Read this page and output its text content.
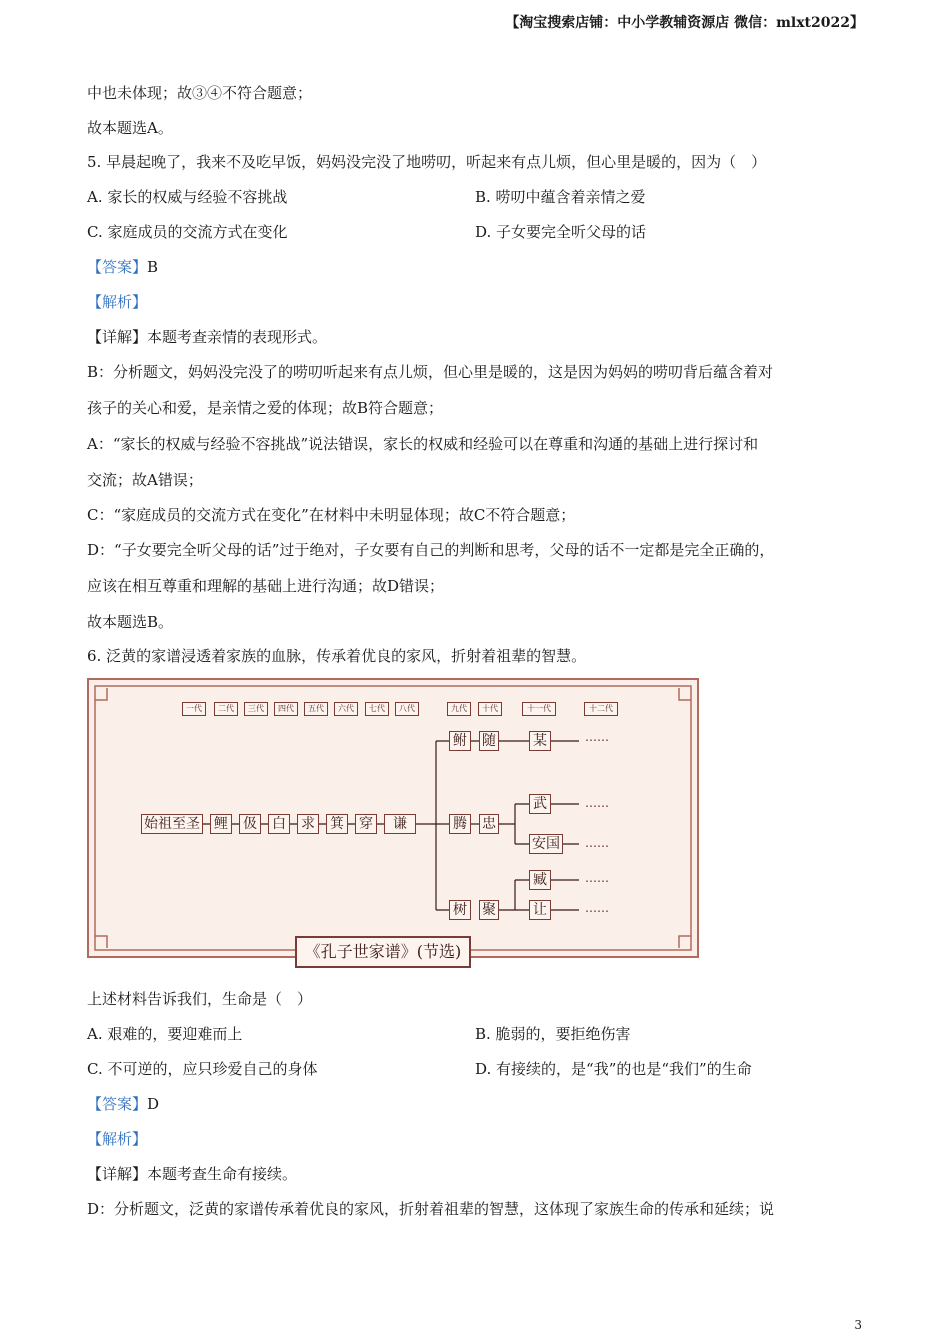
【淘宝搜索店铺：中小学教辅资源店 微信：mlxt2022】
中也未体现；故③④不符合题意；
故本题选A。
5. 早晨起晚了，我来不及吃早饭，妈妈没完没了地唠叨，听起来有点儿烦，但心里是暖的，因为（　）
A. 家长的权威与经验不容挑战	B. 唠叨中蕴含着亲情之爱
C. 家庭成员的交流方式在变化	D. 子女要完全听父母的话
【答案】B
【解析】
【详解】本题考查亲情的表现形式。
B：分析题文，妈妈没完没了的唠叨听起来有点儿烦，但心里是暖的，这是因为妈妈的唠叨背后蕴含着对
孩子的关心和爱，是亲情之爱的体现；故B符合题意；
A：“家长的权威与经验不容挑战”说法错误，家长的权威和经验可以在尊重和沟通的基础上进行探讨和
交流；故A错误；
C：“家庭成员的交流方式在变化”在材料中未明显体现；故C不符合题意；
D：“子女要完全听父母的话”过于绝对，子女要有自己的判断和思考，父母的话不一定都是完全正确的，
应该在相互尊重和理解的基础上进行沟通；故D错误；
故本题选B。
6. 泛黄的家谱浸透着家族的血脉，传承着优良的家风，折射着祖辈的智慧。
一代	二代	三代	四代	五代	六代	七代	八代	九代	十代	十一代	十二代
始祖至圣 鲤 伋 白 求 箕 穿	谦
鲋 随	某	……
腾 忠
武	……
安国 ……
树 聚
臧	……
让	……
《孔子世家谱》(节选)
上述材料告诉我们，生命是（　）
A. 艰难的，要迎难而上	B. 脆弱的，要拒绝伤害
C. 不可逆的，应只珍爱自己的身体	D. 有接续的，是“我”的也是“我们”的生命
【答案】D
【解析】
【详解】本题考查生命有接续。
D：分析题文，泛黄的家谱传承着优良的家风，折射着祖辈的智慧，这体现了家族生命的传承和延续；说
3
